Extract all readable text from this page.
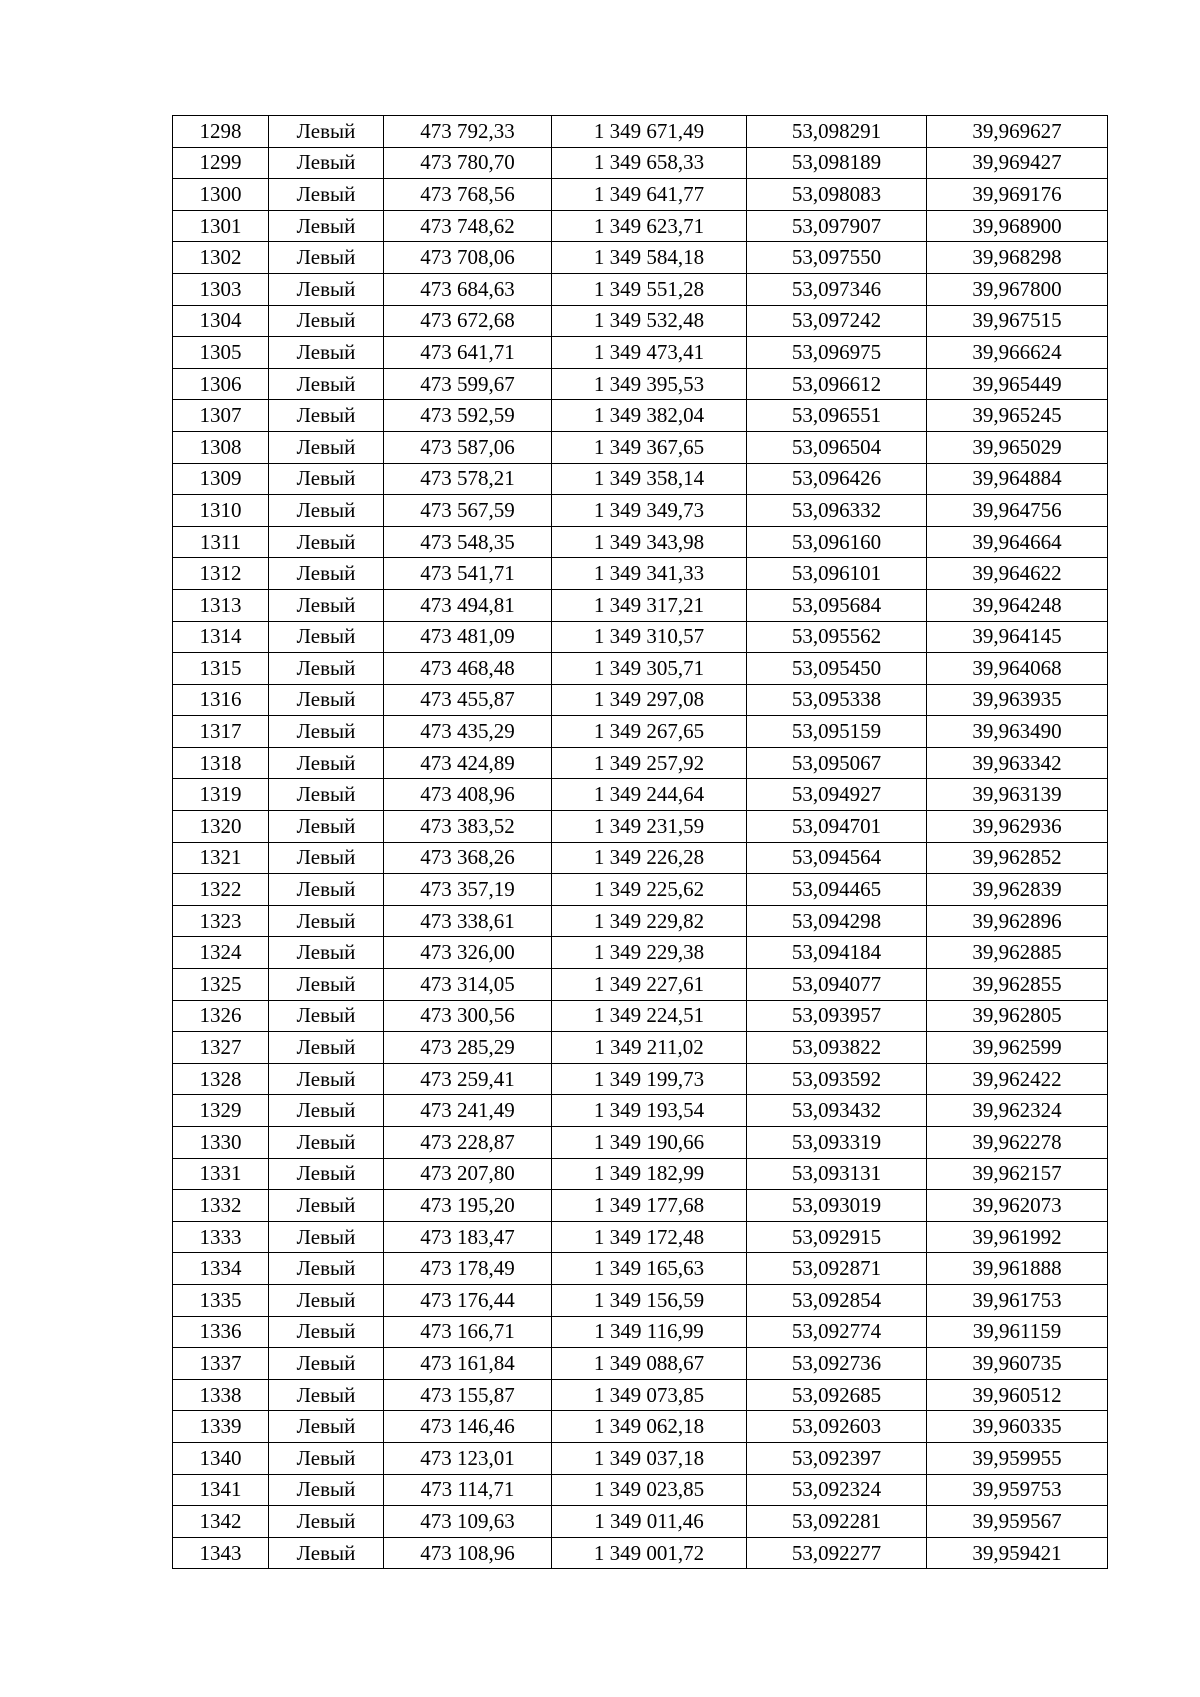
1298	Левый	473 792,33	1 349 671,49	53,098291	39,969627
1299	Левый	473 780,70	1 349 658,33	53,098189	39,969427
1300	Левый	473 768,56	1 349 641,77	53,098083	39,969176
1301	Левый	473 748,62	1 349 623,71	53,097907	39,968900
1302	Левый	473 708,06	1 349 584,18	53,097550	39,968298
1303	Левый	473 684,63	1 349 551,28	53,097346	39,967800
1304	Левый	473 672,68	1 349 532,48	53,097242	39,967515
1305	Левый	473 641,71	1 349 473,41	53,096975	39,966624
1306	Левый	473 599,67	1 349 395,53	53,096612	39,965449
1307	Левый	473 592,59	1 349 382,04	53,096551	39,965245
1308	Левый	473 587,06	1 349 367,65	53,096504	39,965029
1309	Левый	473 578,21	1 349 358,14	53,096426	39,964884
1310	Левый	473 567,59	1 349 349,73	53,096332	39,964756
1311	Левый	473 548,35	1 349 343,98	53,096160	39,964664
1312	Левый	473 541,71	1 349 341,33	53,096101	39,964622
1313	Левый	473 494,81	1 349 317,21	53,095684	39,964248
1314	Левый	473 481,09	1 349 310,57	53,095562	39,964145
1315	Левый	473 468,48	1 349 305,71	53,095450	39,964068
1316	Левый	473 455,87	1 349 297,08	53,095338	39,963935
1317	Левый	473 435,29	1 349 267,65	53,095159	39,963490
1318	Левый	473 424,89	1 349 257,92	53,095067	39,963342
1319	Левый	473 408,96	1 349 244,64	53,094927	39,963139
1320	Левый	473 383,52	1 349 231,59	53,094701	39,962936
1321	Левый	473 368,26	1 349 226,28	53,094564	39,962852
1322	Левый	473 357,19	1 349 225,62	53,094465	39,962839
1323	Левый	473 338,61	1 349 229,82	53,094298	39,962896
1324	Левый	473 326,00	1 349 229,38	53,094184	39,962885
1325	Левый	473 314,05	1 349 227,61	53,094077	39,962855
1326	Левый	473 300,56	1 349 224,51	53,093957	39,962805
1327	Левый	473 285,29	1 349 211,02	53,093822	39,962599
1328	Левый	473 259,41	1 349 199,73	53,093592	39,962422
1329	Левый	473 241,49	1 349 193,54	53,093432	39,962324
1330	Левый	473 228,87	1 349 190,66	53,093319	39,962278
1331	Левый	473 207,80	1 349 182,99	53,093131	39,962157
1332	Левый	473 195,20	1 349 177,68	53,093019	39,962073
1333	Левый	473 183,47	1 349 172,48	53,092915	39,961992
1334	Левый	473 178,49	1 349 165,63	53,092871	39,961888
1335	Левый	473 176,44	1 349 156,59	53,092854	39,961753
1336	Левый	473 166,71	1 349 116,99	53,092774	39,961159
1337	Левый	473 161,84	1 349 088,67	53,092736	39,960735
1338	Левый	473 155,87	1 349 073,85	53,092685	39,960512
1339	Левый	473 146,46	1 349 062,18	53,092603	39,960335
1340	Левый	473 123,01	1 349 037,18	53,092397	39,959955
1341	Левый	473 114,71	1 349 023,85	53,092324	39,959753
1342	Левый	473 109,63	1 349 011,46	53,092281	39,959567
1343	Левый	473 108,96	1 349 001,72	53,092277	39,959421
